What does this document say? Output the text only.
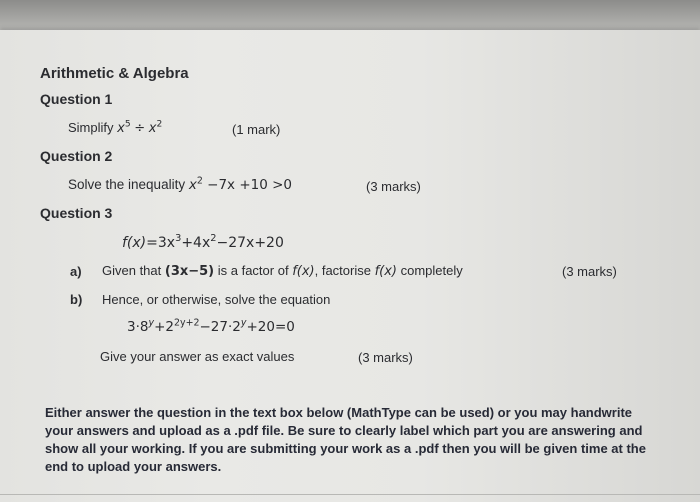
Arithmetic & Algebra
Question 1
Simplify $x^5 \div x^2$	(1 mark)
Question 2
Solve the inequality $x^2 -7x +10 >0$	(3 marks)
Question 3
$f(x)=3x^3+4x^2-27x+20$
a) Given that (3x−5) is a factor of f(x), factorise f(x) completely	(3 marks)
b) Hence, or otherwise, solve the equation
$3\cdot 8^y+2^{2y+2}-27\cdot 2^y+20=0$
Give your answer as exact values	(3 marks)
Either answer the question in the text box below (MathType can be used) or you may handwrite your answers and upload as a .pdf file. Be sure to clearly label which part you are answering and show all your working. If you are submitting your work as a .pdf then you will be given time at the end to upload your answers.
